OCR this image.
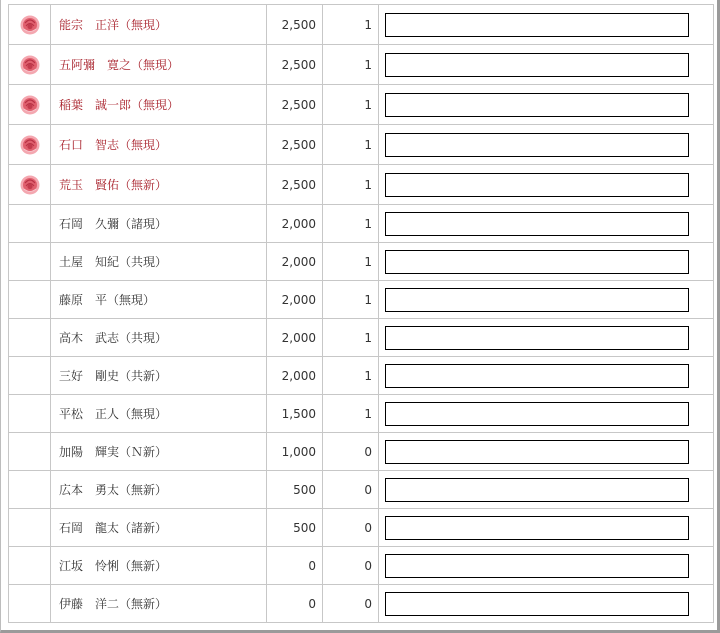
	能宗　正洋（無現）	2,500	1	

	五阿彌　寛之（無現）	2,500	1	

	稲葉　誠一郎（無現）	2,500	1	

	石口　智志（無現）	2,500	1	

	荒玉　賢佑（無新）	2,500	1	

	石岡　久彌（諸現）	2,000	1	

	土屋　知紀（共現）	2,000	1	

	藤原　平（無現）	2,000	1	

	高木　武志（共現）	2,000	1	

	三好　剛史（共新）	2,000	1	

	平松　正人（無現）	1,500	1	

	加陽　輝実（Ｎ新）	1,000	0	

	広本　勇太（無新）	500	0	

	石岡　龍太（諸新）	500	0	

	江坂　怜悧（無新）	0	0	

	伊藤　洋二（無新）	0	0	
